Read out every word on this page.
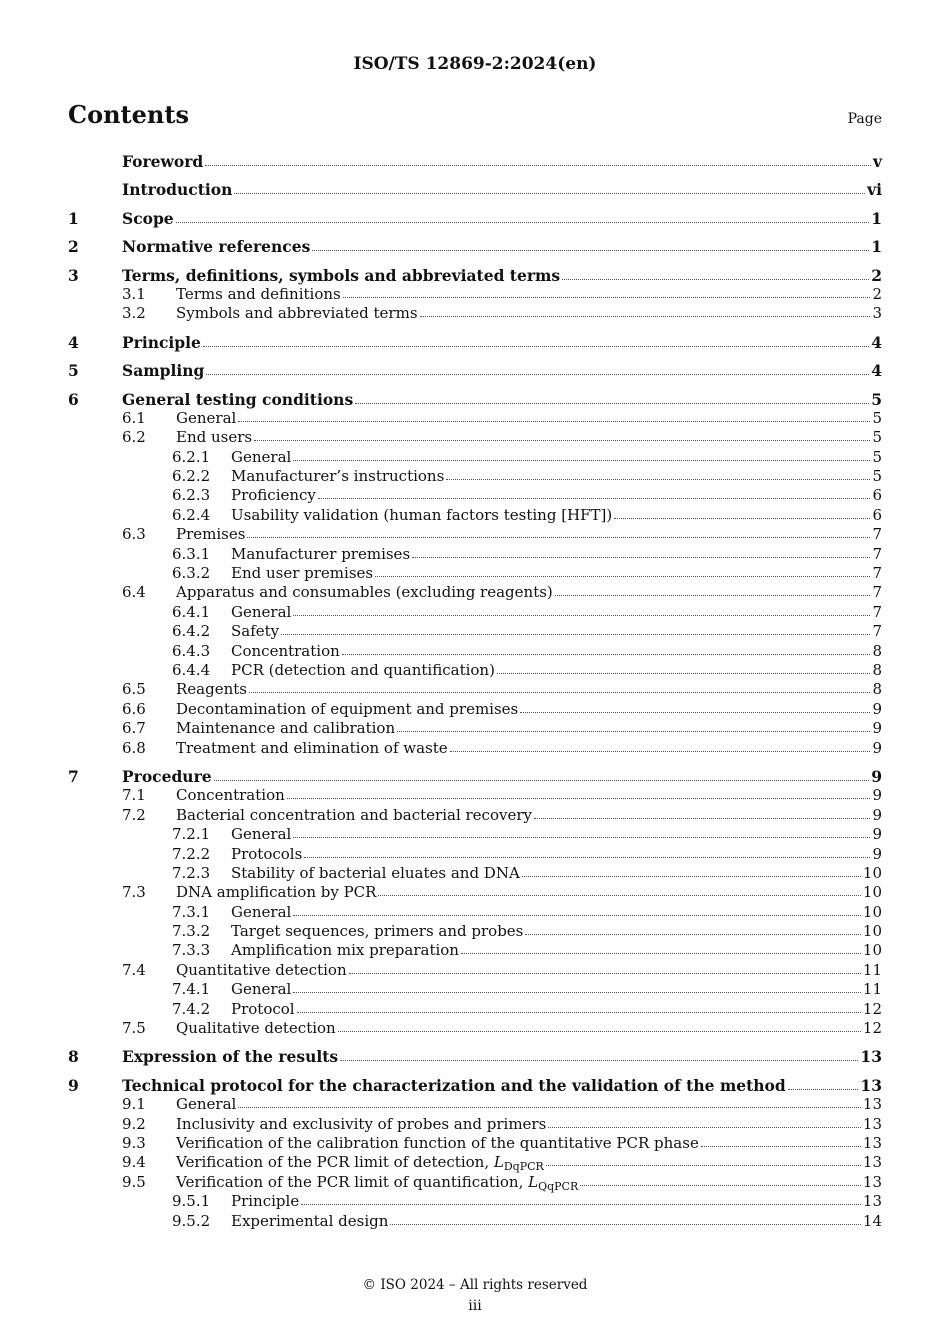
ISO/TS 12869-2:2024(en)
Contents	Page
Foreword	v
Introduction	vi
1	Scope	1
2	Normative references	1
3	Terms, definitions, symbols and abbreviated terms	2
3.1	Terms and definitions	2
3.2	Symbols and abbreviated terms	3
4	Principle	4
5	Sampling	4
6	General testing conditions	5
6.1	General	5
6.2	End users	5
6.2.1	General	5
6.2.2	Manufacturer’s instructions	5
6.2.3	Proficiency	6
6.2.4	Usability validation (human factors testing [HFT])	6
6.3	Premises	7
6.3.1	Manufacturer premises	7
6.3.2	End user premises	7
6.4	Apparatus and consumables (excluding reagents)	7
6.4.1	General	7
6.4.2	Safety	7
6.4.3	Concentration	8
6.4.4	PCR (detection and quantification)	8
6.5	Reagents	8
6.6	Decontamination of equipment and premises	9
6.7	Maintenance and calibration	9
6.8	Treatment and elimination of waste	9
7	Procedure	9
7.1	Concentration	9
7.2	Bacterial concentration and bacterial recovery	9
7.2.1	General	9
7.2.2	Protocols	9
7.2.3	Stability of bacterial eluates and DNA	10
7.3	DNA amplification by PCR	10
7.3.1	General	10
7.3.2	Target sequences, primers and probes	10
7.3.3	Amplification mix preparation	10
7.4	Quantitative detection	11
7.4.1	General	11
7.4.2	Protocol	12
7.5	Qualitative detection	12
8	Expression of the results	13
9	Technical protocol for the characterization and the validation of the method	13
9.1	General	13
9.2	Inclusivity and exclusivity of probes and primers	13
9.3	Verification of the calibration function of the quantitative PCR phase	13
9.4	Verification of the PCR limit of detection, $L_{DqPCR}$	13
9.5	Verification of the PCR limit of quantification, $L_{QqPCR}$	13
9.5.1	Principle	13
9.5.2	Experimental design	14
© ISO 2024 – All rights reserved
iii
